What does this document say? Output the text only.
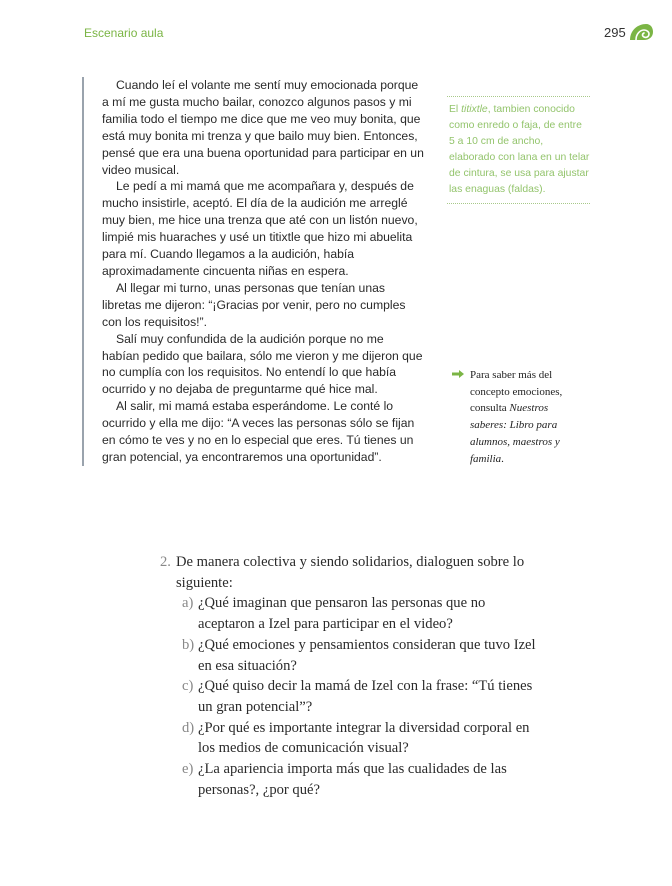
Escenario aula	295

Cuando leí el volante me sentí muy emocionada porque a mí me gusta mucho bailar, conozco algunos pasos y mi familia todo el tiempo me dice que me veo muy bonita, que está muy bonita mi trenza y que bailo muy bien. Entonces, pensé que era una buena oportunidad para participar en un video musical.

Le pedí a mi mamá que me acompañara y, después de mucho insistirle, aceptó. El día de la audición me arreglé muy bien, me hice una trenza que até con un listón nuevo, limpié mis huaraches y usé un titixtle que hizo mi abuelita para mí. Cuando llegamos a la audición, había aproximadamente cincuenta niñas en espera.

Al llegar mi turno, unas personas que tenían unas libretas me dijeron: “¡Gracias por venir, pero no cumples con los requisitos!”.

Salí muy confundida de la audición porque no me habían pedido que bailara, sólo me vieron y me dijeron que no cumplía con los requisitos. No entendí lo que había ocurrido y no dejaba de preguntarme qué hice mal.

Al salir, mi mamá estaba esperándome. Le conté lo ocurrido y ella me dijo: “A veces las personas sólo se fijan en cómo te ves y no en lo especial que eres. Tú tienes un gran potencial, ya encontraremos una oportunidad”.

El titixtle, tambien conocido como enredo o faja, de entre 5 a 10 cm de ancho, elaborado con lana en un telar de cintura, se usa para ajustar las enaguas (faldas).
Para saber más del concepto emociones, consulta Nuestros saberes: Libro para alumnos, maestros y familia.
2. De manera colectiva y siendo solidarios, dialoguen sobre lo siguiente:
a) ¿Qué imaginan que pensaron las personas que no aceptaron a Izel para participar en el video?
b) ¿Qué emociones y pensamientos consideran que tuvo Izel en esa situación?
c) ¿Qué quiso decir la mamá de Izel con la frase: “Tú tienes un gran potencial”?
d) ¿Por qué es importante integrar la diversidad corporal en los medios de comunicación visual?
e) ¿La apariencia importa más que las cualidades de las personas?, ¿por qué?
